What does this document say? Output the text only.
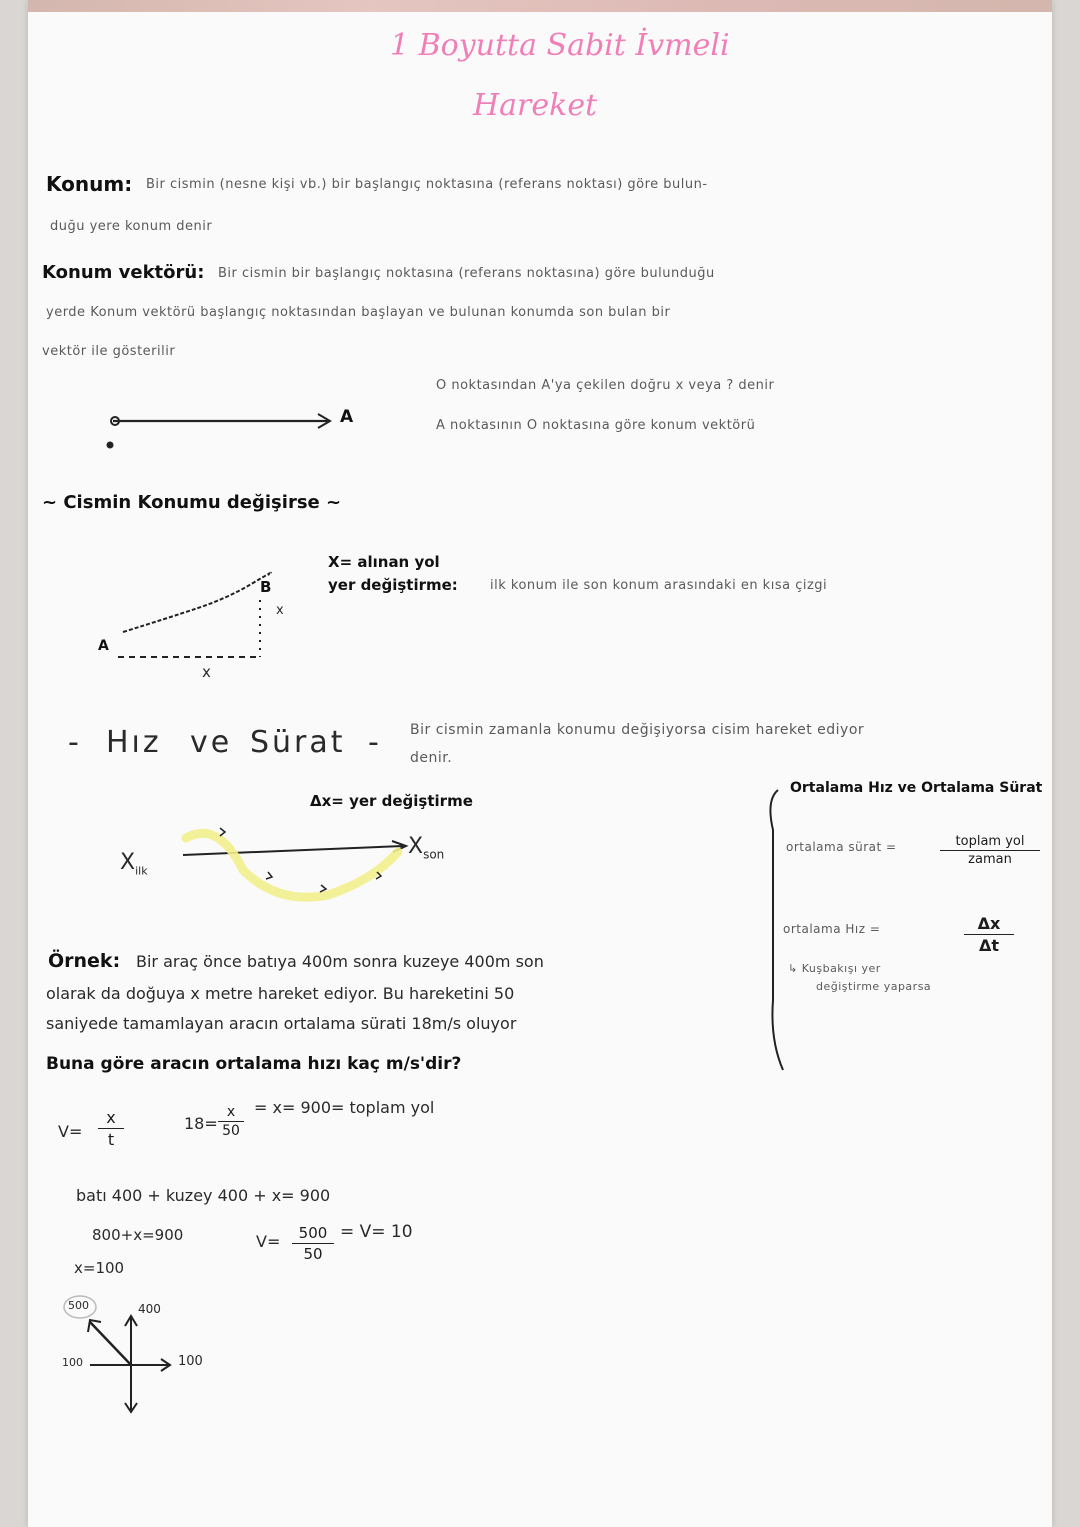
1 Boyutta Sabit İvmeli
Hareket
Konum: Bir cismin (nesne kişi vb.) bir başlangıç noktasına (referans noktası) göre bulun-
duğu yere konum denir
Konum vektörü: Bir cismin bir başlangıç noktasına (referans noktasına) göre bulunduğu
yerde Konum vektörü başlangıç noktasından başlayan ve bulunan konumda son bulan bir
vektör ile gösterilir
A
O noktasından A'ya çekilen doğru x veya ? denir
A noktasının O noktasına göre konum vektörü
~ Cismin Konumu değişirse ~
A
B
x
x
X= alınan yol
yer değiştirme: ilk konum ile son konum arasındaki en kısa çizgi
- Hız ve Sürat - Bir cismin zamanla konumu değişiyorsa cisim hareket ediyor
denir.
Δx= yer değiştirme
$X_{ilk}$
$X_{son}$
Ortalama Hız ve Ortalama Sürat
ortalama sürat =	toplam yol
zaman
ortalama Hız =	Δx
Δt
↳ Kuşbakışı yer
değiştirme yaparsa
Örnek: Bir araç önce batıya 400m sonra kuzeye 400m son
olarak da doğuya x metre hareket ediyor. Bu hareketini 50
saniyede tamamlayan aracın ortalama sürati 18m/s oluyor
Buna göre aracın ortalama hızı kaç m/s'dir?
V=
x
t
18=
x
50
= x= 900= toplam yol
batı 400 + kuzey 400 + x= 900
800+x=900
x=100
V= 500
50
= V= 10
500	400
100	100
